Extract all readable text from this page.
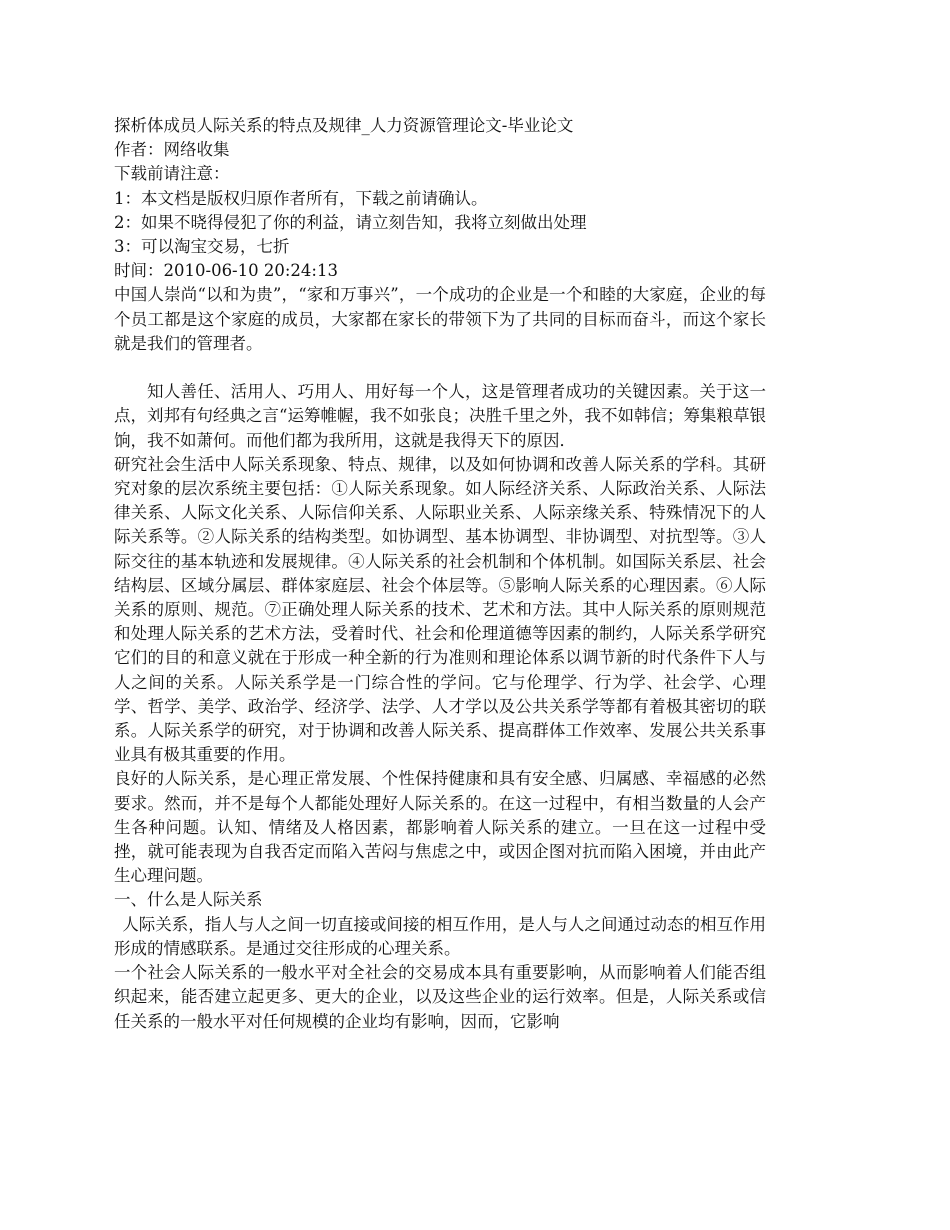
探析体成员人际关系的特点及规律_人力资源管理论文-毕业论文

作者：网络收集

下载前请注意：

1：本文档是版权归原作者所有，下载之前请确认。

2：如果不晓得侵犯了你的利益，请立刻告知，我将立刻做出处理

3：可以淘宝交易，七折

时间：2010-06-10 20:24:13

中国人崇尚“以和为贵”，“家和万事兴”，一个成功的企业是一个和睦的大家庭，企业的每个员工都是这个家庭的成员，大家都在家长的带领下为了共同的目标而奋斗，而这个家长就是我们的管理者。

知人善任、活用人、巧用人、用好每一个人，这是管理者成功的关键因素。关于这一点，刘邦有句经典之言“运筹帷幄，我不如张良；决胜千里之外，我不如韩信；筹集粮草银饷，我不如萧何。而他们都为我所用，这就是我得天下的原因．

研究社会生活中人际关系现象、特点、规律，以及如何协调和改善人际关系的学科。其研究对象的层次系统主要包括：①人际关系现象。如人际经济关系、人际政治关系、人际法律关系、人际文化关系、人际信仰关系、人际职业关系、人际亲缘关系、特殊情况下的人际关系等。②人际关系的结构类型。如协调型、基本协调型、非协调型、对抗型等。③人际交往的基本轨迹和发展规律。④人际关系的社会机制和个体机制。如国际关系层、社会结构层、区域分属层、群体家庭层、社会个体层等。⑤影响人际关系的心理因素。⑥人际关系的原则、规范。⑦正确处理人际关系的技术、艺术和方法。其中人际关系的原则规范和处理人际关系的艺术方法，受着时代、社会和伦理道德等因素的制约，人际关系学研究它们的目的和意义就在于形成一种全新的行为准则和理论体系以调节新的时代条件下人与人之间的关系。人际关系学是一门综合性的学问。它与伦理学、行为学、社会学、心理学、哲学、美学、政治学、经济学、法学、人才学以及公共关系学等都有着极其密切的联系。人际关系学的研究，对于协调和改善人际关系、提高群体工作效率、发展公共关系事业具有极其重要的作用。

良好的人际关系，是心理正常发展、个性保持健康和具有安全感、归属感、幸福感的必然要求。然而，并不是每个人都能处理好人际关系的。在这一过程中，有相当数量的人会产生各种问题。认知、情绪及人格因素，都影响着人际关系的建立。一旦在这一过程中受挫，就可能表现为自我否定而陷入苦闷与焦虑之中，或因企图对抗而陷入困境，并由此产生心理问题。

一、什么是人际关系

人际关系，指人与人之间一切直接或间接的相互作用，是人与人之间通过动态的相互作用形成的情感联系。是通过交往形成的心理关系。

一个社会人际关系的一般水平对全社会的交易成本具有重要影响，从而影响着人们能否组织起来，能否建立起更多、更大的企业，以及这些企业的运行效率。但是，人际关系或信任关系的一般水平对任何规模的企业均有影响，因而，它影响
